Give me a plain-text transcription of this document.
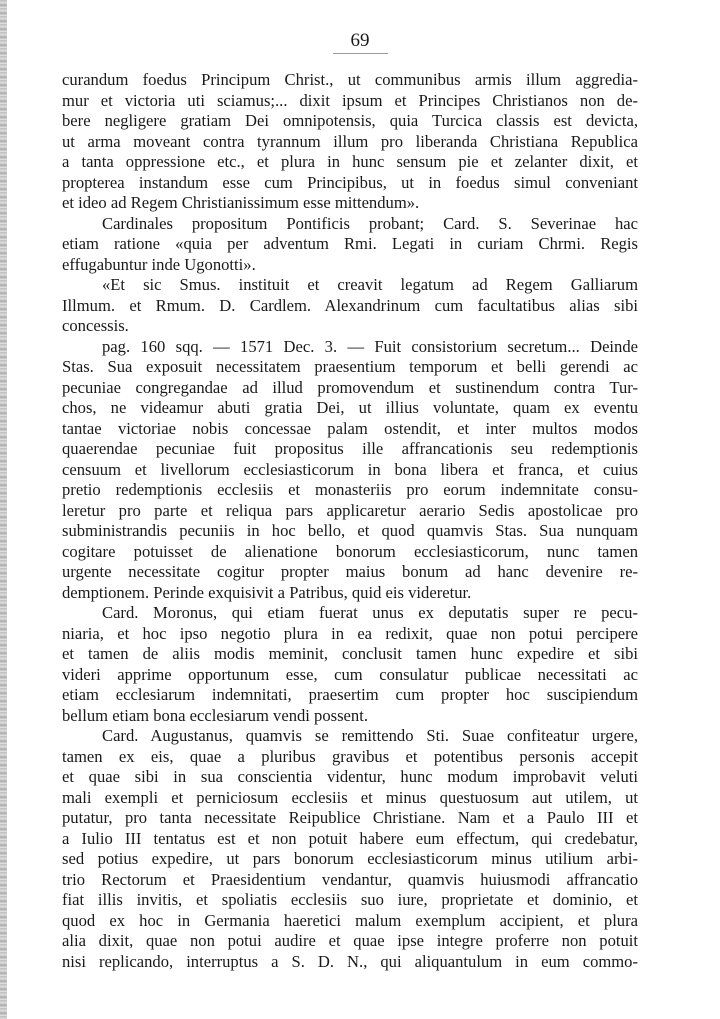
69

curandum foedus Principum Christ., ut communibus armis illum aggredia-
mur et victoria uti sciamus;... dixit ipsum et Principes Christianos non de-
bere negligere gratiam Dei omnipotensis, quia Turcica classis est devicta,
ut arma moveant contra tyrannum illum pro liberanda Christiana Republica
a tanta oppressione etc., et plura in hunc sensum pie et zelanter dixit, et
propterea instandum esse cum Principibus, ut in foedus simul conveniant
et ideo ad Regem Christianissimum esse mittendum».

Cardinales propositum Pontificis probant; Card. S. Severinae hac
etiam ratione «quia per adventum Rmi. Legati in curiam Chrmi. Regis
effugabuntur inde Ugonotti».

«Et sic Smus. instituit et creavit legatum ad Regem Galliarum
Illmum. et Rmum. D. Cardlem. Alexandrinum cum facultatibus alias sibi
concessis.

pag. 160 sqq. — 1571 Dec. 3. — Fuit consistorium secretum... Deinde
Stas. Sua exposuit necessitatem praesentium temporum et belli gerendi ac
pecuniae congregandae ad illud promovendum et sustinendum contra Tur-
chos, ne videamur abuti gratia Dei, ut illius voluntate, quam ex eventu
tantae victoriae nobis concessae palam ostendit, et inter multos modos
quaerendae pecuniae fuit propositus ille affrancationis seu redemptionis
censuum et livellorum ecclesiasticorum in bona libera et franca, et cuius
pretio redemptionis ecclesiis et monasteriis pro eorum indemnitate consu-
leretur pro parte et reliqua pars applicaretur aerario Sedis apostolicae pro
subministrandis pecuniis in hoc bello, et quod quamvis Stas. Sua nunquam
cogitare potuisset de alienatione bonorum ecclesiasticorum, nunc tamen
urgente necessitate cogitur propter maius bonum ad hanc devenire re-
demptionem. Perinde exquisivit a Patribus, quid eis videretur.

Card. Moronus, qui etiam fuerat unus ex deputatis super re pecu-
niaria, et hoc ipso negotio plura in ea redixit, quae non potui percipere
et tamen de aliis modis meminit, conclusit tamen hunc expedire et sibi
videri apprime opportunum esse, cum consulatur publicae necessitati ac
etiam ecclesiarum indemnitati, praesertim cum propter hoc suscipiendum
bellum etiam bona ecclesiarum vendi possent.

Card. Augustanus, quamvis se remittendo Sti. Suae confiteatur urgere,
tamen ex eis, quae a pluribus gravibus et potentibus personis accepit
et quae sibi in sua conscientia videntur, hunc modum improbavit veluti
mali exempli et perniciosum ecclesiis et minus questuosum aut utilem, ut
putatur, pro tanta necessitate Reipublice Christiane. Nam et a Paulo III et
a Iulio III tentatus est et non potuit habere eum effectum, qui credebatur,
sed potius expedire, ut pars bonorum ecclesiasticorum minus utilium arbi-
trio Rectorum et Praesidentium vendantur, quamvis huiusmodi affrancatio
fiat illis invitis, et spoliatis ecclesiis suo iure, proprietate et dominio, et
quod ex hoc in Germania haeretici malum exemplum accipient, et plura
alia dixit, quae non potui audire et quae ipse integre proferre non potuit
nisi replicando, interruptus a S. D. N., qui aliquantulum in eum commo-
